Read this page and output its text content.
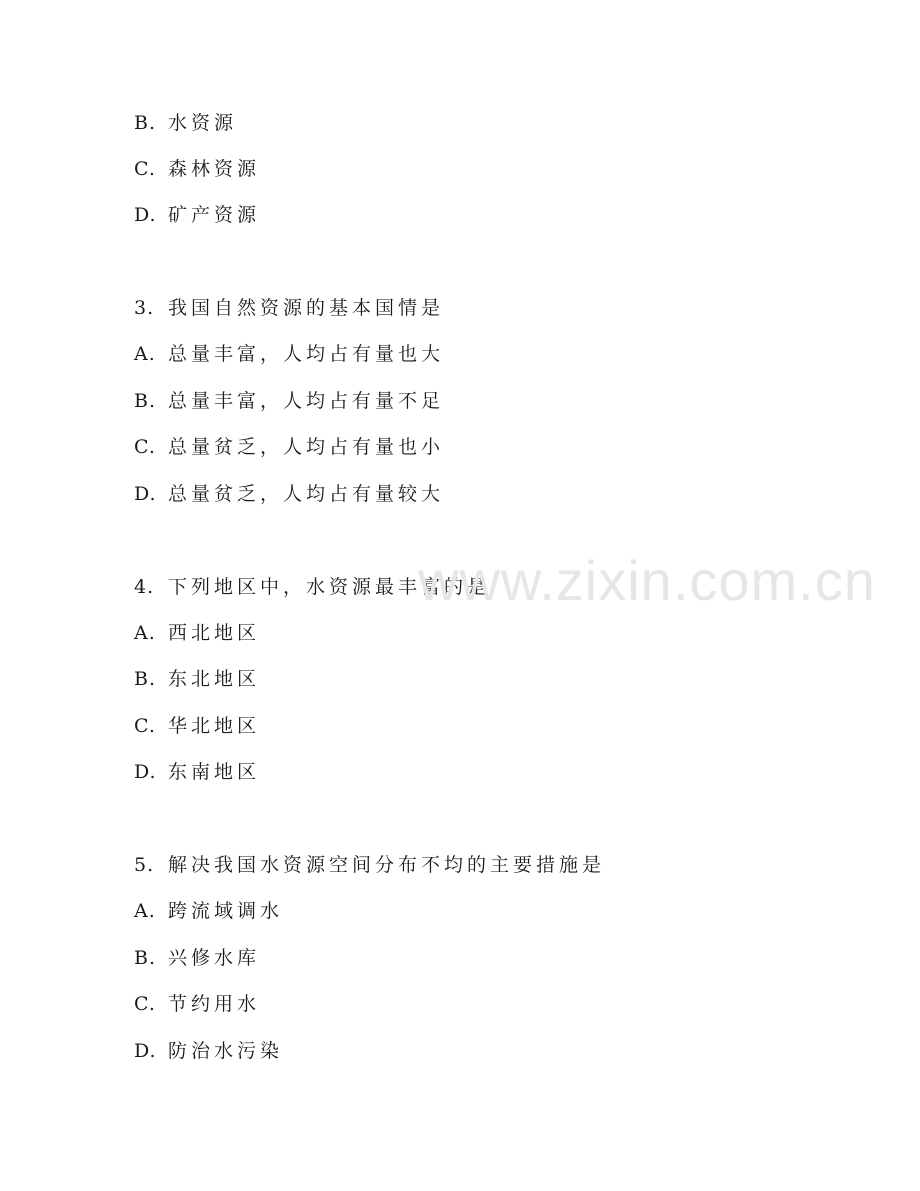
B. 水资源
C. 森林资源
D. 矿产资源
3. 我国自然资源的基本国情是
A. 总量丰富，人均占有量也大
B. 总量丰富，人均占有量不足
C. 总量贫乏，人均占有量也小
D. 总量贫乏，人均占有量较大
4. 下列地区中，水资源最丰富的是
A. 西北地区
B. 东北地区
C. 华北地区
D. 东南地区
5. 解决我国水资源空间分布不均的主要措施是
A. 跨流域调水
B. 兴修水库
C. 节约用水
D. 防治水污染
www.zixin.com.cn
